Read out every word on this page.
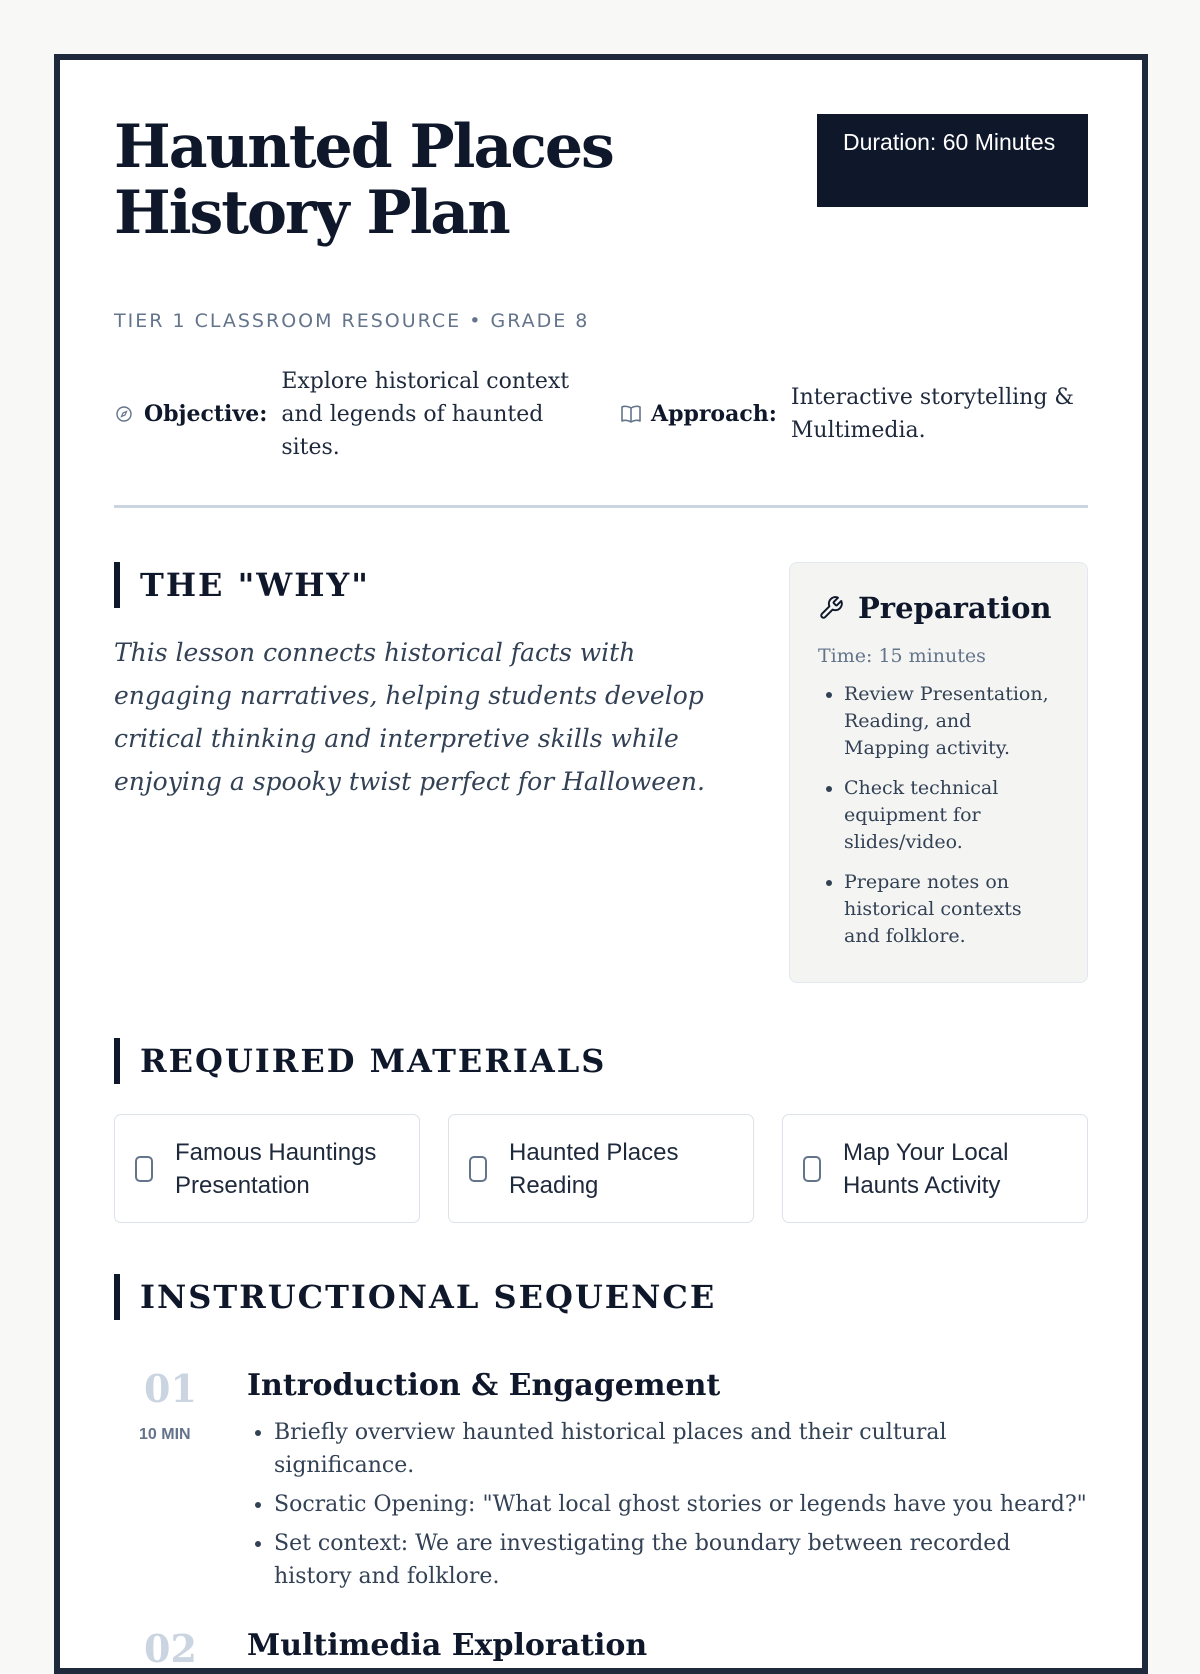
Haunted Places History Plan
Duration: 60 Minutes
TIER 1 CLASSROOM RESOURCE • GRADE 8
Objective:
Explore historical context and legends of haunted sites.
Approach:
Interactive storytelling & Multimedia.
THE "WHY"

This lesson connects historical facts with engaging narratives, helping students develop critical thinking and interpretive skills while enjoying a spooky twist perfect for Halloween.

Preparation
Time: 15 minutes
• Review Presentation, Reading, and Mapping activity.
• Check technical equipment for slides/video.
• Prepare notes on historical contexts and folklore.
REQUIRED MATERIALS
Famous Hauntings Presentation
Haunted Places Reading
Map Your Local Haunts Activity
INSTRUCTIONAL SEQUENCE
01
10 MIN
Introduction & Engagement
• Briefly overview haunted historical places and their cultural significance.
• Socratic Opening: "What local ghost stories or legends have you heard?"
• Set context: We are investigating the boundary between recorded history and folklore.
02 Multimedia Exploration
